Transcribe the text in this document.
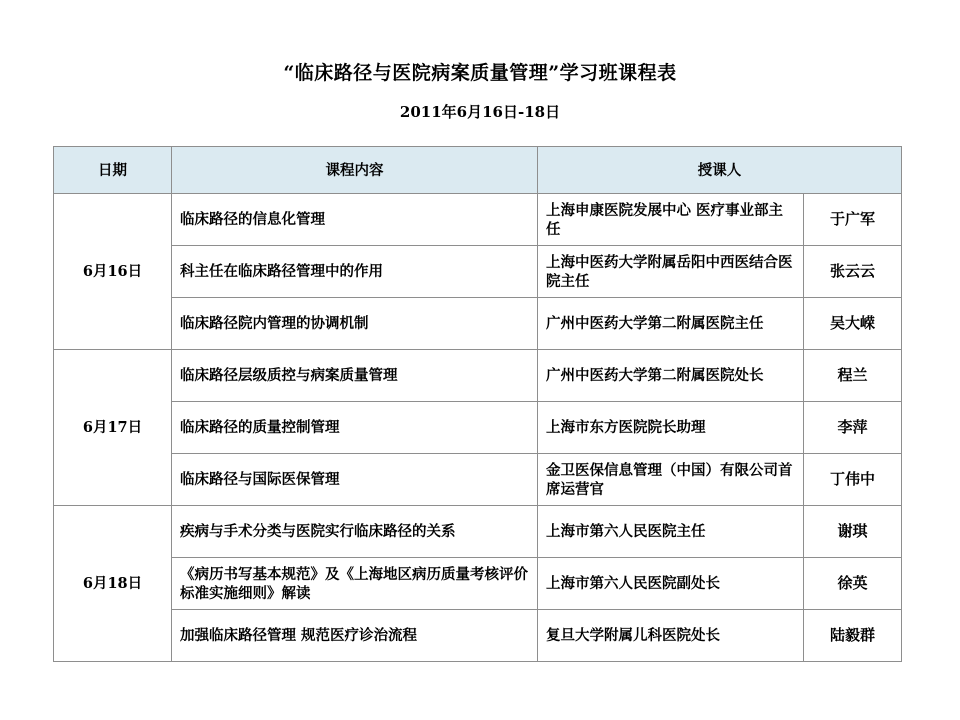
“临床路径与医院病案质量管理”学习班课程表
2011年6月16日-18日
日期	课程内容	授课人	
6月16日	临床路径的信息化管理	上海申康医院发展中心 医疗事业部主任	于广军
	科主任在临床路径管理中的作用	上海中医药大学附属岳阳中西医结合医院主任	张云云
	临床路径院内管理的协调机制	广州中医药大学第二附属医院主任	吴大嵘
6月17日	临床路径层级质控与病案质量管理	广州中医药大学第二附属医院处长	程兰
	临床路径的质量控制管理	上海市东方医院院长助理	李萍
	临床路径与国际医保管理	金卫医保信息管理（中国）有限公司首席运营官	丁伟中
6月18日	疾病与手术分类与医院实行临床路径的关系	上海市第六人民医院主任	谢琪
	《病历书写基本规范》及《上海地区病历质量考核评价标准实施细则》解读	上海市第六人民医院副处长	徐英
	加强临床路径管理 规范医疗诊治流程	复旦大学附属儿科医院处长	陆毅群
